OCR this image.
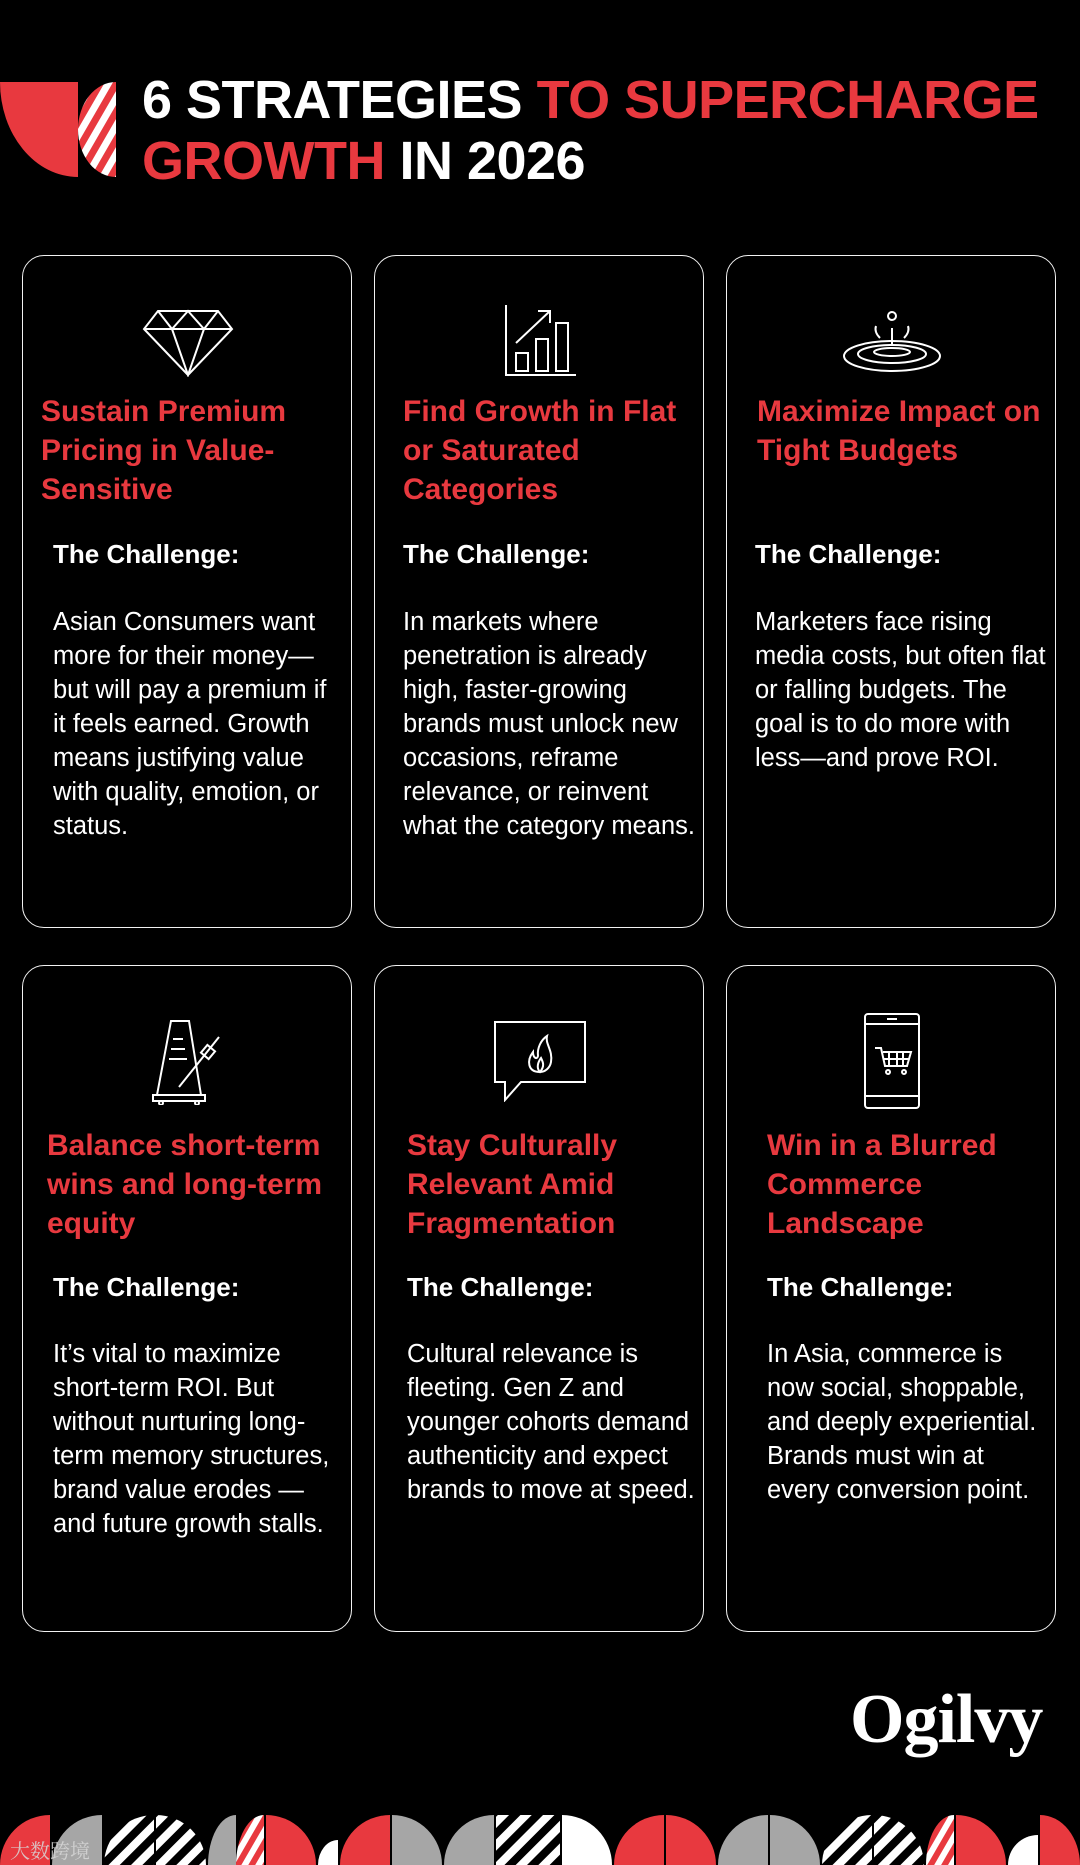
6 STRATEGIES TO SUPERCHARGE
GROWTH IN 2026
Sustain Premium Pricing in Value-Sensitive

The Challenge:

Asian Consumers want more for their money—but will pay a premium if it feels earned. Growth means justifying value with quality, emotion, or status.

Find Growth in Flat or Saturated Categories

The Challenge:

In markets where penetration is already high, faster-growing brands must unlock new occasions, reframe relevance, or reinvent what the category means.

Maximize Impact on Tight Budgets

The Challenge:

Marketers face rising media costs, but often flat or falling budgets. The goal is to do more with less—and prove ROI.

Balance short-term wins and long-term equity

The Challenge:

It’s vital to maximize short-term ROI. But without nurturing long-term memory structures, brand value erodes —and future growth stalls.

Stay Culturally Relevant Amid Fragmentation

The Challenge:

Cultural relevance is fleeting. Gen Z and younger cohorts demand authenticity and expect brands to move at speed.

Win in a Blurred Commerce Landscape

The Challenge:

In Asia, commerce is now social, shoppable, and deeply experiential. Brands must win at every conversion point.

Ogilvy
大数跨境
